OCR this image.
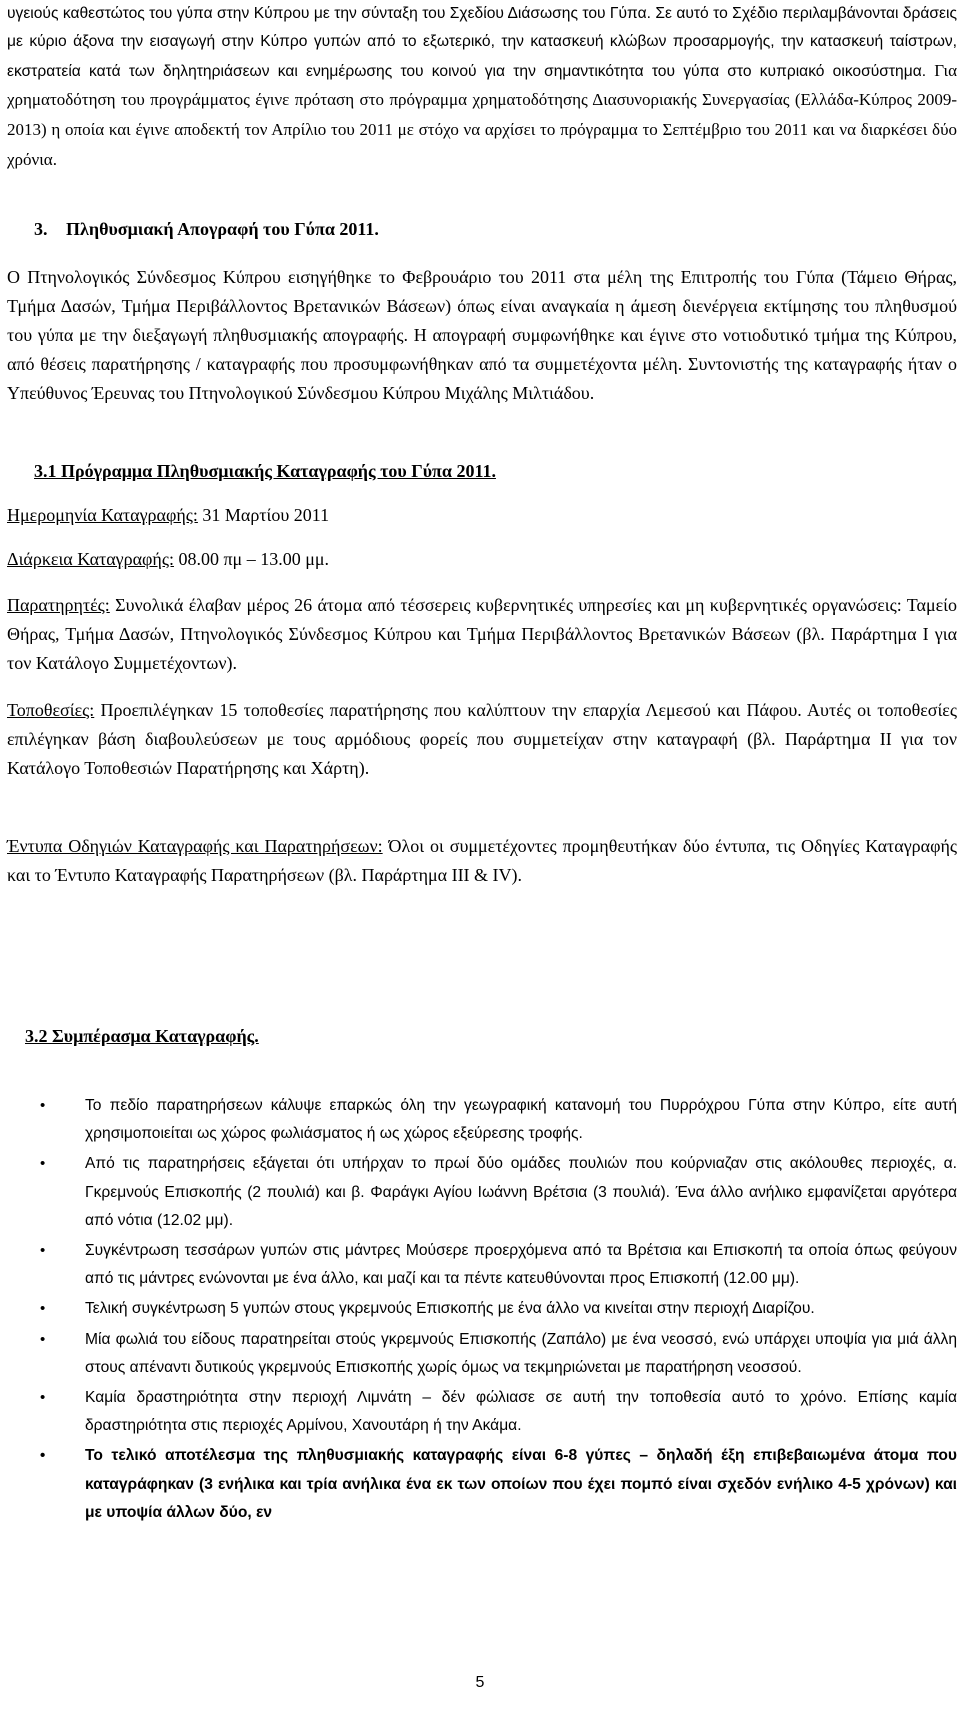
υγειούς καθεστώτος του γύπα στην Κύπρου με την σύνταξη του Σχεδίου Διάσωσης του Γύπα. Σε αυτό το Σχέδιο περιλαμβάνονται δράσεις με κύριο άξονα την εισαγωγή στην Κύπρο γυπών από το εξωτερικό, την κατασκευή κλώβων προσαρμογής, την κατασκευή ταίστρων, εκστρατεία κατά των δηλητηριάσεων και ενημέρωσης του κοινού για την σημαντικότητα του γύπα στο κυπριακό οικοσύστημα. Για χρηματοδότηση του προγράμματος έγινε πρόταση στο πρόγραμμα χρηματοδότησης Διασυνοριακής Συνεργασίας (Ελλάδα-Κύπρος 2009-2013) η οποία και έγινε αποδεκτή τον Απρίλιο του 2011 με στόχο να αρχίσει το πρόγραμμα το Σεπτέμβριο του 2011 και να διαρκέσει δύο χρόνια.
3. Πληθυσμιακή Απογραφή του Γύπα 2011.
Ο Πτηνολογικός Σύνδεσμος Κύπρου εισηγήθηκε το Φεβρουάριο του 2011 στα μέλη της Επιτροπής του Γύπα (Τάμειο Θήρας, Τμήμα Δασών, Τμήμα Περιβάλλοντος Βρετανικών Βάσεων) όπως είναι αναγκαία η άμεση διενέργεια εκτίμησης του πληθυσμού του γύπα με την διεξαγωγή πληθυσμιακής απογραφής. Η απογραφή συμφωνήθηκε και έγινε στο νοτιοδυτικό τμήμα της Κύπρου, από θέσεις παρατήρησης / καταγραφής που προσυμφωνήθηκαν από τα συμμετέχοντα μέλη. Συντονιστής της καταγραφής ήταν ο Υπεύθυνος Έρευνας του Πτηνολογικού Σύνδεσμου Κύπρου Μιχάλης Μιλτιάδου.
3.1 Πρόγραμμα Πληθυσμιακής Καταγραφής του Γύπα 2011.
Ημερομηνία Καταγραφής: 31 Μαρτίου 2011
Διάρκεια Καταγραφής: 08.00 πμ – 13.00 μμ.
Παρατηρητές: Συνολικά έλαβαν μέρος 26 άτομα από τέσσερεις κυβερνητικές υπηρεσίες και μη κυβερνητικές οργανώσεις: Ταμείο Θήρας, Τμήμα Δασών, Πτηνολογικός Σύνδεσμος Κύπρου και Τμήμα Περιβάλλοντος Βρετανικών Βάσεων (βλ. Παράρτημα Ι για τον Κατάλογο Συμμετέχοντων).
Τοποθεσίες: Προεπιλέγηκαν 15 τοποθεσίες παρατήρησης που καλύπτουν την επαρχία Λεμεσού και Πάφου. Αυτές οι τοποθεσίες επιλέγηκαν βάση διαβουλεύσεων με τους αρμόδιους φορείς που συμμετείχαν στην καταγραφή (βλ. Παράρτημα ΙΙ για τον Κατάλογο Τοποθεσιών Παρατήρησης και Χάρτη).
Έντυπα Οδηγιών Καταγραφής και Παρατηρήσεων: Όλοι οι συμμετέχοντες προμηθευτήκαν δύο έντυπα, τις Οδηγίες Καταγραφής και το Έντυπο Καταγραφής Παρατηρήσεων (βλ. Παράρτημα ΙΙΙ & ΙV).
3.2 Συμπέρασμα Καταγραφής.
•	Το πεδίο παρατηρήσεων κάλυψε επαρκώς όλη την γεωγραφική κατανομή του Πυρρόχρου Γύπα στην Κύπρο, είτε αυτή χρησιμοποιείται ως χώρος φωλιάσματος ή ως χώρος εξεύρεσης τροφής.
•	Από τις παρατηρήσεις εξάγεται ότι υπήρχαν το πρωί δύο ομάδες πουλιών που κούρνιαζαν στις ακόλουθες περιοχές, α. Γκρεμνούς Επισκοπής (2 πουλιά) και β. Φαράγκι Αγίου Ιωάννη Βρέτσια (3 πουλιά). Ένα άλλο ανήλικο εμφανίζεται αργότερα από νότια (12.02 μμ).
•	Συγκέντρωση τεσσάρων γυπών στις μάντρες Μούσερε προερχόμενα από τα Βρέτσια και Επισκοπή τα οποία όπως φεύγουν από τις μάντρες ενώνονται με ένα άλλο, και μαζί και τα πέντε κατευθύνονται προς Επισκοπή (12.00 μμ).
•	Τελική συγκέντρωση 5 γυπών στους γκρεμνούς Επισκοπής με ένα άλλο να κινείται στην περιοχή Διαρίζου.
•	Μία φωλιά του είδους παρατηρείται στούς γκρεμνούς Επισκοπής (Ζαπάλο) με ένα νεοσσό, ενώ υπάρχει υποψία για μιά άλλη στους απέναντι δυτικούς γκρεμνούς Επισκοπής χωρίς όμως να τεκμηριώνεται με παρατήρηση νεοσσού.
•	Καμία δραστηριότητα στην περιοχή Λιμνάτη – δέν φώλιασε σε αυτή την τοποθεσία αυτό το χρόνο. Επίσης καμία δραστηριότητα στις περιοχές Αρμίνου, Χανουτάρη ή την Ακάμα.
•	Το τελικό αποτέλεσμα της πληθυσμιακής καταγραφής είναι 6-8 γύπες – δηλαδή έξη επιβεβαιωμένα άτομα που καταγράφηκαν (3 ενήλικα και τρία ανήλικα ένα εκ των οποίων που έχει πομπό είναι σχεδόν ενήλικο 4-5 χρόνων) και με υποψία άλλων δύο, εν
5
